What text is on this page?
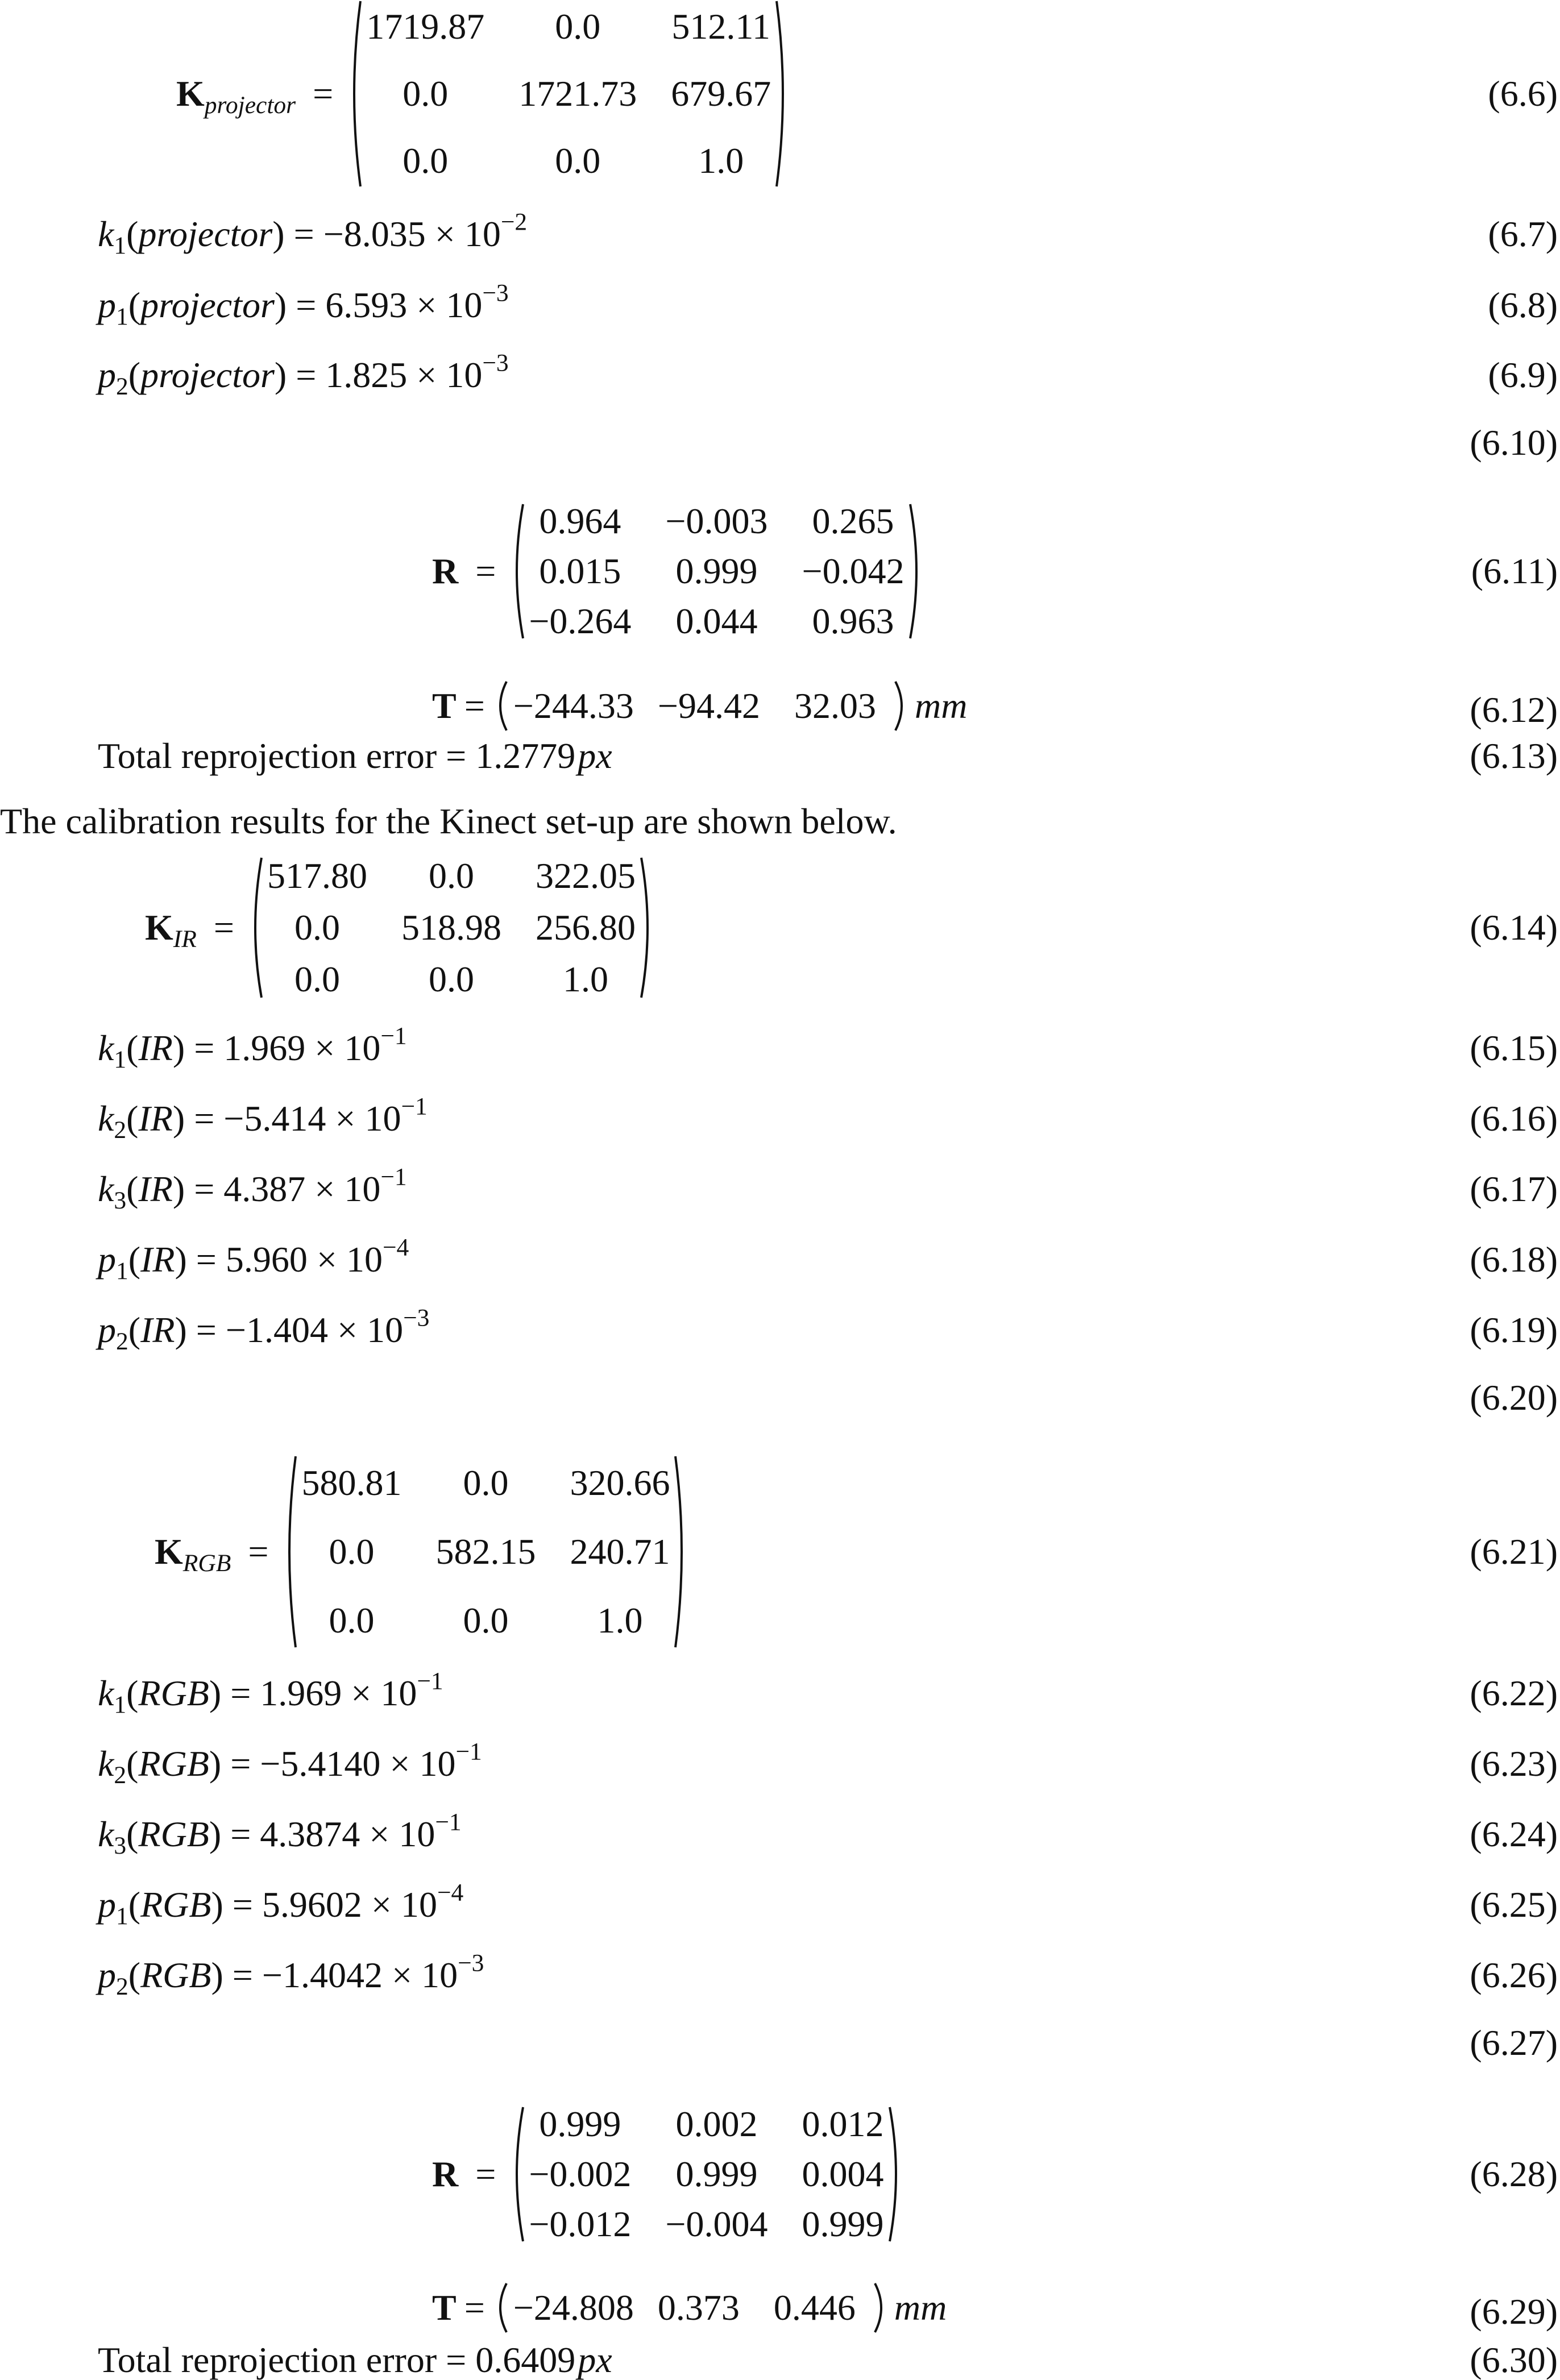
$K_{projector}$ =
1719.87 0.0 512.11
0.0 1721.73 679.67
0.0	0.0	1.0
(6.6)
$k_1(projector) = -8.035 \times 10^{-2}$	(6.7)
$p_1(projector) = 6.593 \times 10^{-3}$	(6.8)
$p_2(projector) = 1.825 \times 10^{-3}$	(6.9)
(6.10)
R =
0.964 −0.003 0.265
0.015 0.999 −0.042
−0.264 0.044 0.963
(6.11)
T = −244.33 −94.42 32.03 mm	(6.12)
Total reprojection error = 1.2779px	(6.13)
The calibration results for the Kinect set-up are shown below.
$K_{IR}$ =
517.80 0.0 322.05
0.0 518.98 256.80
0.0 0.0 1.0
(6.14)
$k_1(IR) = 1.969 \times 10^{-1}$	(6.15)
$k_2(IR) = -5.414 \times 10^{-1}$	(6.16)
$k_3(IR) = 4.387 \times 10^{-1}$	(6.17)
$p_1(IR) = 5.960 \times 10^{-4}$	(6.18)
$p_2(IR) = -1.404 \times 10^{-3}$	(6.19)
(6.20)
$K_{RGB}$ =
580.81 0.0 320.66
0.0 582.15 240.71
0.0 0.0 1.0
(6.21)
$k_1(RGB) = 1.969 \times 10^{-1}$	(6.22)
$k_2(RGB) = -5.4140 \times 10^{-1}$	(6.23)
$k_3(RGB) = 4.3874 \times 10^{-1}$	(6.24)
$p_1(RGB) = 5.9602 \times 10^{-4}$	(6.25)
$p_2(RGB) = -1.4042 \times 10^{-3}$	(6.26)
(6.27)
R =
0.999 0.002 0.012
−0.002 0.999 0.004
−0.012 −0.004 0.999
(6.28)
T = −24.808 0.373 0.446 mm	(6.29)
Total reprojection error = 0.6409px	(6.30)
